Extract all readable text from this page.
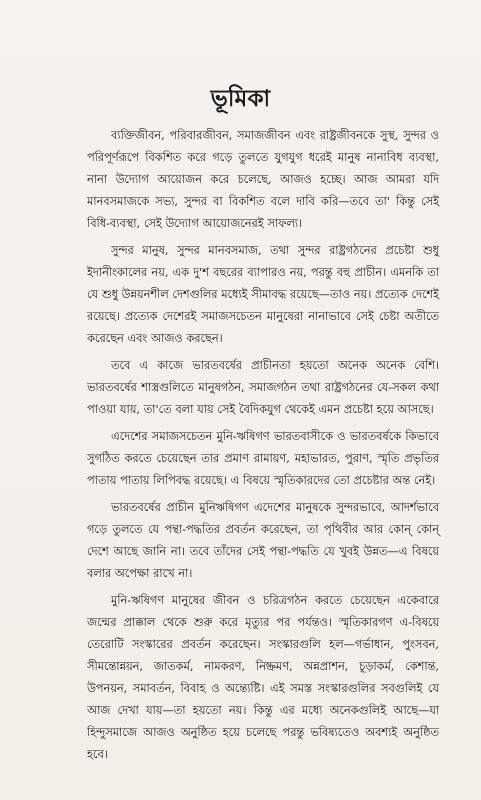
ভূমিকা

ব্যক্তিজীবন, পরিবারজীবন, সমাজজীবন এবং রাষ্ট্রজীবনকে সুস্থ, সুন্দর ও পরিপূর্ণরূপে বিকশিত করে গড়ে তুলতে যুগযুগ ধরেই মানুষ নানাবিধ ব্যবস্থা, নানা উদ্যোগ আয়োজন করে চলেছে, আজও হচ্ছে। আজ আমরা যদি মানবসমাজকে সভ্য, সুন্দর বা বিকশিত বলে দাবি করি—তবে তা' কিন্তু সেই বিধি-ব্যবস্থা, সেই উদ্যোগ আয়োজনেরই সাফল্য।

সুন্দর মানুষ, সুন্দর মানবসমাজ, তথা সুন্দর রাষ্ট্রগঠনের প্রচেষ্টা শুধু ইদানীংকালের নয়, এক দু'শ বছরের ব্যাপারও নয়, পরন্তু বহু প্রাচীন। এমনকি তা যে শুধু উন্নয়নশীল দেশগুলির মধ্যেই সীমাবদ্ধ রয়েছে—তাও নয়। প্রত্যেক দেশেই রয়েছে। প্রত্যেক দেশেরই সমাজসচেতন মানুষেরা নানাভাবে সেই চেষ্টা অতীতে করেছেন এবং আজও করছেন।

তবে এ কাজে ভারতবর্ষের প্রাচীনতা হয়তো অনেক অনেক বেশি। ভারতবর্ষের শাস্ত্রগুলিতে মানুষগঠন, সমাজগঠন তথা রাষ্ট্রগঠনের যে-সকল কথা পাওয়া যায়, তা'তে বলা যায় সেই বৈদিকযুগ থেকেই এমন প্রচেষ্টা হয়ে আসছে।

এদেশের সমাজসচেতন মুনি-ঋষিগণ ভারতবাসীকে ও ভারতবর্ষকে কিভাবে সুগঠিত করতে চেয়েছেন তার প্রমাণ রামায়ণ, মহাভারত, পুরাণ, স্মৃতি প্রভৃতির পাতায় পাতায় লিপিবদ্ধ রয়েছে। এ বিষয়ে স্মৃতিকারদের তো প্রচেষ্টার অন্ত নেই।

ভারতবর্ষের প্রাচীন মুনিঋষিগণ এদেশের মানুষকে সুন্দরভাবে, আদর্শভাবে গড়ে তুলতে যে পন্থা-পদ্ধতির প্রবর্তন করেছেন, তা পৃথিবীর আর কোন্ কোন্ দেশে আছে জানি না। তবে তাঁদের সেই পন্থা-পদ্ধতি যে খুবই উন্নত—এ বিষয়ে বলার অপেক্ষা রাখে না।

মুনি-ঋষিগণ মানুষের জীবন ও চরিত্রগঠন করতে চেয়েছেন একেবারে জন্মের প্রাক্কাল থেকে শুরু করে মৃত্যুর পর পর্যন্তও। স্মৃতিকারগণ এ-বিষয়ে তেরোটি সংস্কারের প্রবর্তন করেছেন। সংস্কারগুলি হল—গর্ভাধান, পুংসবন, সীমন্তোন্নয়ন, জাতকর্ম, নামকরণ, নিষ্ক্রমণ, অন্নপ্রাশন, চূড়াকর্ম, কেশান্ত, উপনয়ন, সমাবর্তন, বিবাহ ও অন্ত্যেষ্টি। এই সমস্ত সংস্কারগুলির সবগুলিই যে আজ দেখা যায়—তা হয়তো নয়। কিন্তু এর মধ্যে অনেকগুলিই আছে—যা হিন্দুসমাজে আজও অনুষ্ঠিত হয়ে চলেছে পরন্তু ভবিষ্যতেও অবশ্যই অনুষ্ঠিত হবে।
